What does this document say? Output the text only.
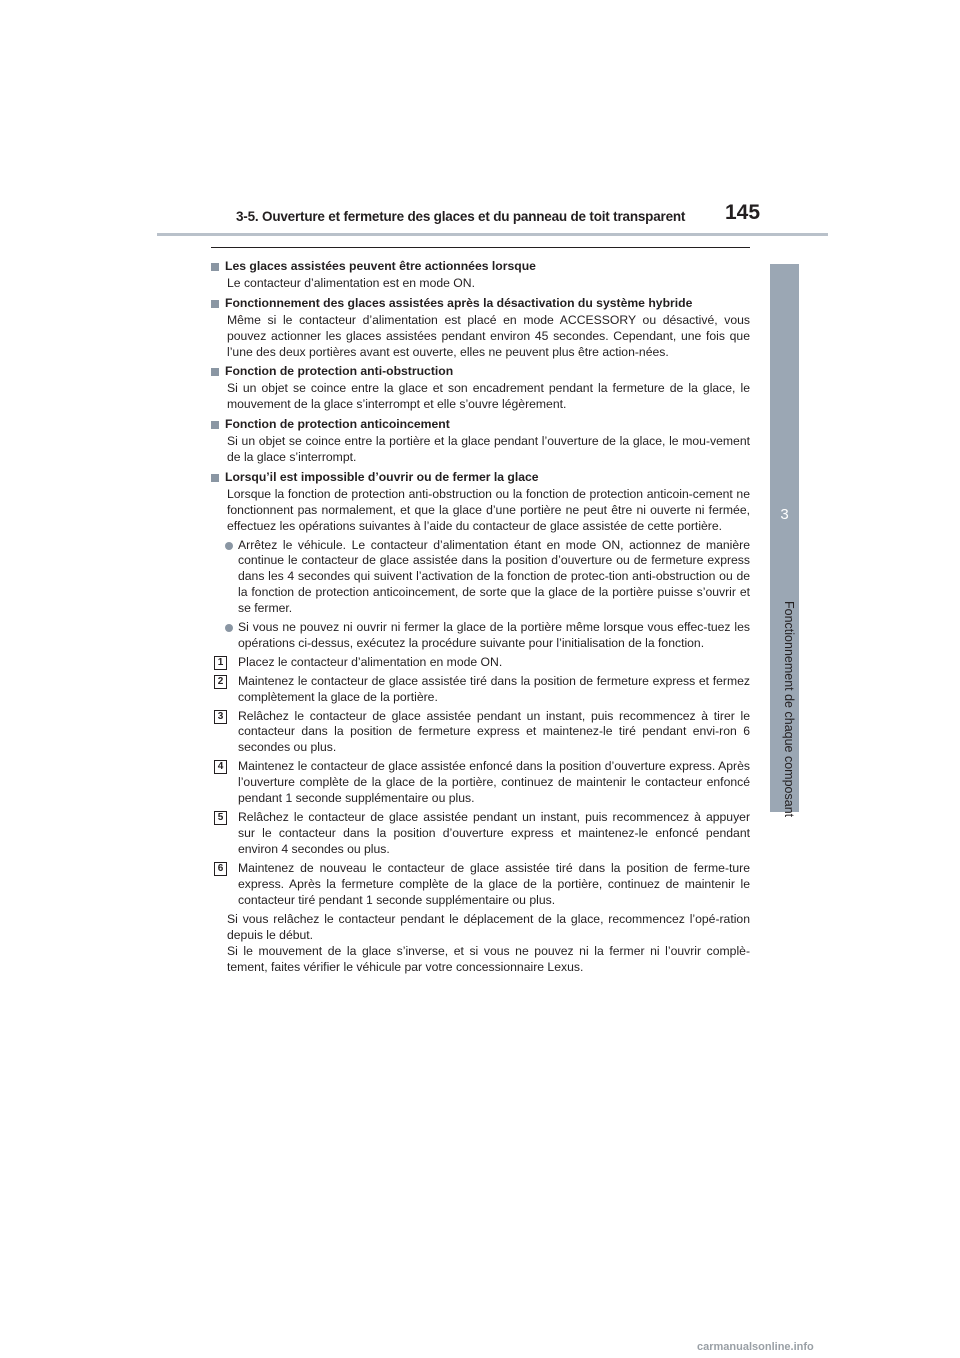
3-5. Ouverture et fermeture des glaces et du panneau de toit transparent 145
3
Fonctionnement de chaque composant
Les glaces assistées peuvent être actionnées lorsque
Le contacteur d’alimentation est en mode ON.
Fonctionnement des glaces assistées après la désactivation du système hybride
Même si le contacteur d’alimentation est placé en mode ACCESSORY ou désactivé, vous pouvez actionner les glaces assistées pendant environ 45 secondes. Cependant, une fois que l’une des deux portières avant est ouverte, elles ne peuvent plus être action-nées.
Fonction de protection anti-obstruction
Si un objet se coince entre la glace et son encadrement pendant la fermeture de la glace, le mouvement de la glace s’interrompt et elle s’ouvre légèrement.
Fonction de protection anticoincement
Si un objet se coince entre la portière et la glace pendant l’ouverture de la glace, le mou-vement de la glace s’interrompt.
Lorsqu’il est impossible d’ouvrir ou de fermer la glace
Lorsque la fonction de protection anti-obstruction ou la fonction de protection anticoin-cement ne fonctionnent pas normalement, et que la glace d’une portière ne peut être ni ouverte ni fermée, effectuez les opérations suivantes à l’aide du contacteur de glace assistée de cette portière.
Arrêtez le véhicule. Le contacteur d’alimentation étant en mode ON, actionnez de manière continue le contacteur de glace assistée dans la position d’ouverture ou de fermeture express dans les 4 secondes qui suivent l’activation de la fonction de protec-tion anti-obstruction ou de la fonction de protection anticoincement, de sorte que la glace de la portière puisse s’ouvrir et se fermer.
Si vous ne pouvez ni ouvrir ni fermer la glace de la portière même lorsque vous effec-tuez les opérations ci-dessus, exécutez la procédure suivante pour l’initialisation de la fonction.
1	Placez le contacteur d’alimentation en mode ON.
2	Maintenez le contacteur de glace assistée tiré dans la position de fermeture express et fermez complètement la glace de la portière.
3	Relâchez le contacteur de glace assistée pendant un instant, puis recommencez à tirer le contacteur dans la position de fermeture express et maintenez-le tiré pendant envi-ron 6 secondes ou plus.
4	Maintenez le contacteur de glace assistée enfoncé dans la position d’ouverture express. Après l’ouverture complète de la glace de la portière, continuez de maintenir le contacteur enfoncé pendant 1 seconde supplémentaire ou plus.
5	Relâchez le contacteur de glace assistée pendant un instant, puis recommencez à appuyer sur le contacteur dans la position d’ouverture express et maintenez-le enfoncé pendant environ 4 secondes ou plus.
6	Maintenez de nouveau le contacteur de glace assistée tiré dans la position de ferme-ture express. Après la fermeture complète de la glace de la portière, continuez de maintenir le contacteur tiré pendant 1 seconde supplémentaire ou plus.
Si vous relâchez le contacteur pendant le déplacement de la glace, recommencez l’opé-ration depuis le début.
Si le mouvement de la glace s’inverse, et si vous ne pouvez ni la fermer ni l’ouvrir complè-tement, faites vérifier le véhicule par votre concessionnaire Lexus.
carmanualsonline.info
